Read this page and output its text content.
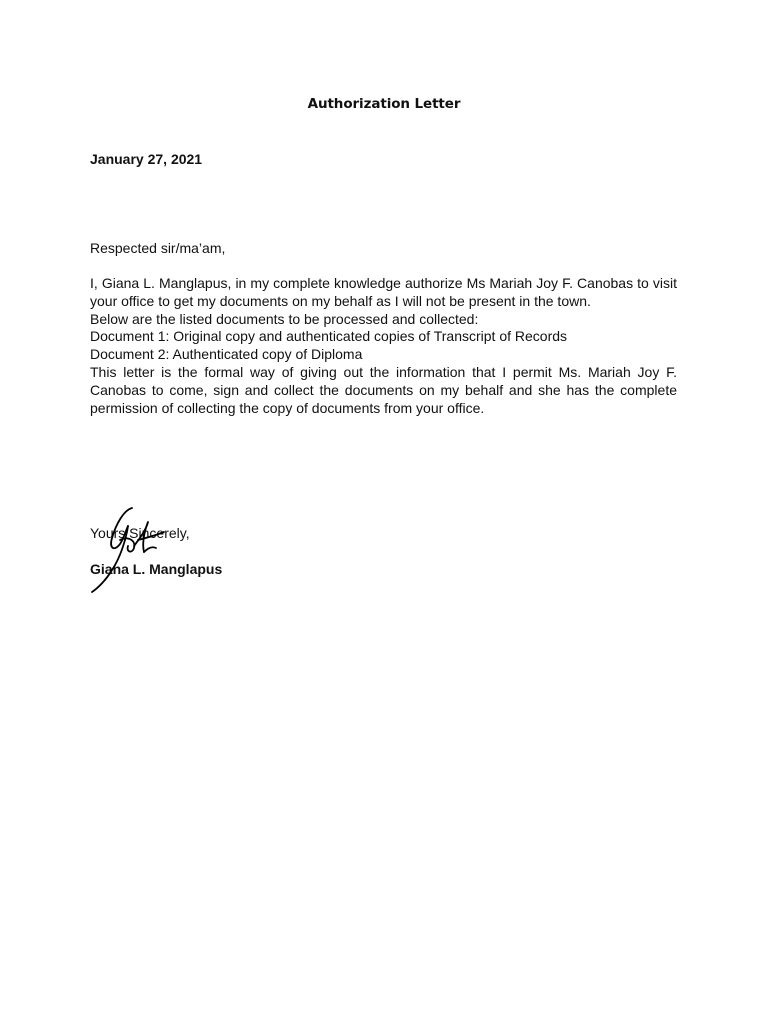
Authorization Letter
January 27, 2021
Respected sir/ma’am,

I, Giana L. Manglapus, in my complete knowledge authorize Ms Mariah Joy F. Canobas to visit your office to get my documents on my behalf as I will not be present in the town.

Below are the listed documents to be processed and collected:

Document 1: Original copy and authenticated copies of Transcript of Records

Document 2: Authenticated copy of Diploma

This letter is the formal way of giving out the information that I permit Ms. Mariah Joy F. Canobas to come, sign and collect the documents on my behalf and she has the complete permission of collecting the copy of documents from your office.

Yours Sincerely,
Giana L. Manglapus
